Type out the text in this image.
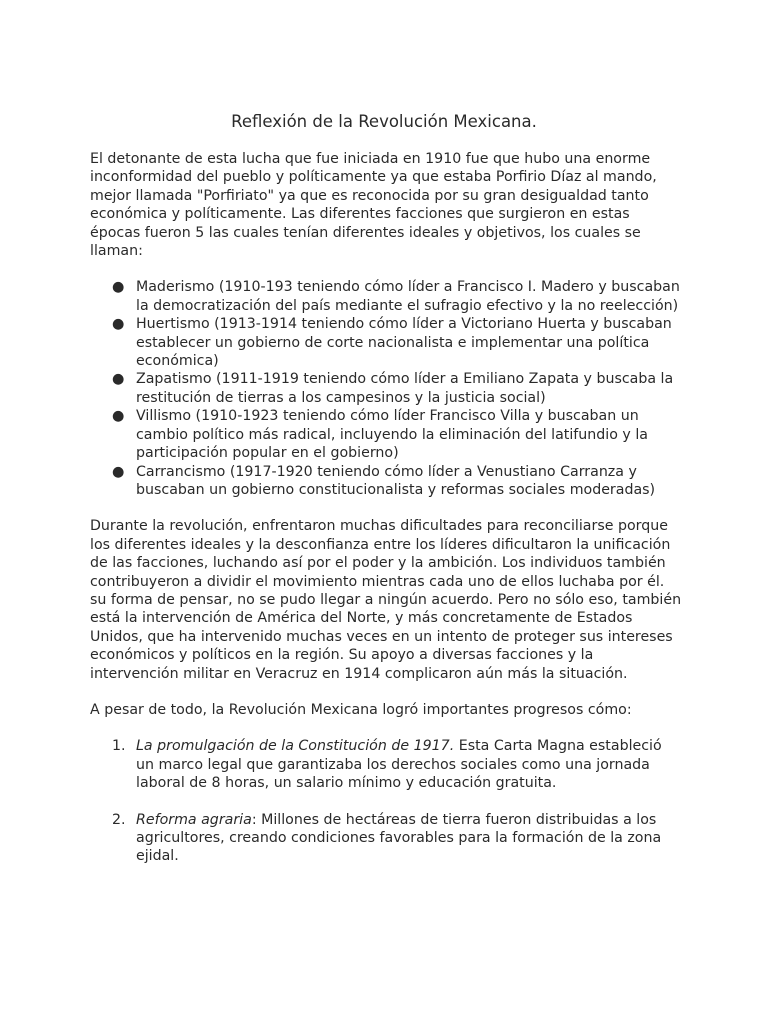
Reflexión de la Revolución Mexicana.

El detonante de esta lucha que fue iniciada en 1910 fue que hubo una enorme inconformidad del pueblo y políticamente ya que estaba Porfirio Díaz al mando, mejor llamada "Porfiriato" ya que es reconocida por su gran desigualdad tanto económica y políticamente. Las diferentes facciones que surgieron en estas épocas fueron 5 las cuales tenían diferentes ideales y objetivos, los cuales se llaman:

● Maderismo (1910-193 teniendo cómo líder a Francisco I. Madero y buscaban la democratización del país mediante el sufragio efectivo y la no reelección)
● Huertismo (1913-1914 teniendo cómo líder a Victoriano Huerta y buscaban establecer un gobierno de corte nacionalista e implementar una política económica)
● Zapatismo (1911-1919 teniendo cómo líder a Emiliano Zapata y buscaba la restitución de tierras a los campesinos y la justicia social)
● Villismo (1910-1923 teniendo cómo líder Francisco Villa y buscaban un cambio político más radical, incluyendo la eliminación del latifundio y la participación popular en el gobierno)
● Carrancismo (1917-1920 teniendo cómo líder a Venustiano Carranza y buscaban un gobierno constitucionalista y reformas sociales moderadas)

Durante la revolución, enfrentaron muchas dificultades para reconciliarse porque los diferentes ideales y la desconfianza entre los líderes dificultaron la unificación de las facciones, luchando así por el poder y la ambición. Los individuos también contribuyeron a dividir el movimiento mientras cada uno de ellos luchaba por él. su forma de pensar, no se pudo llegar a ningún acuerdo. Pero no sólo eso, también está la intervención de América del Norte, y más concretamente de Estados Unidos, que ha intervenido muchas veces en un intento de proteger sus intereses económicos y políticos en la región. Su apoyo a diversas facciones y la intervención militar en Veracruz en 1914 complicaron aún más la situación.

A pesar de todo, la Revolución Mexicana logró importantes progresos cómo:

1. La promulgación de la Constitución de 1917. Esta Carta Magna estableció un marco legal que garantizaba los derechos sociales como una jornada laboral de 8 horas, un salario mínimo y educación gratuita.
2. Reforma agraria: Millones de hectáreas de tierra fueron distribuidas a los agricultores, creando condiciones favorables para la formación de la zona ejidal.
